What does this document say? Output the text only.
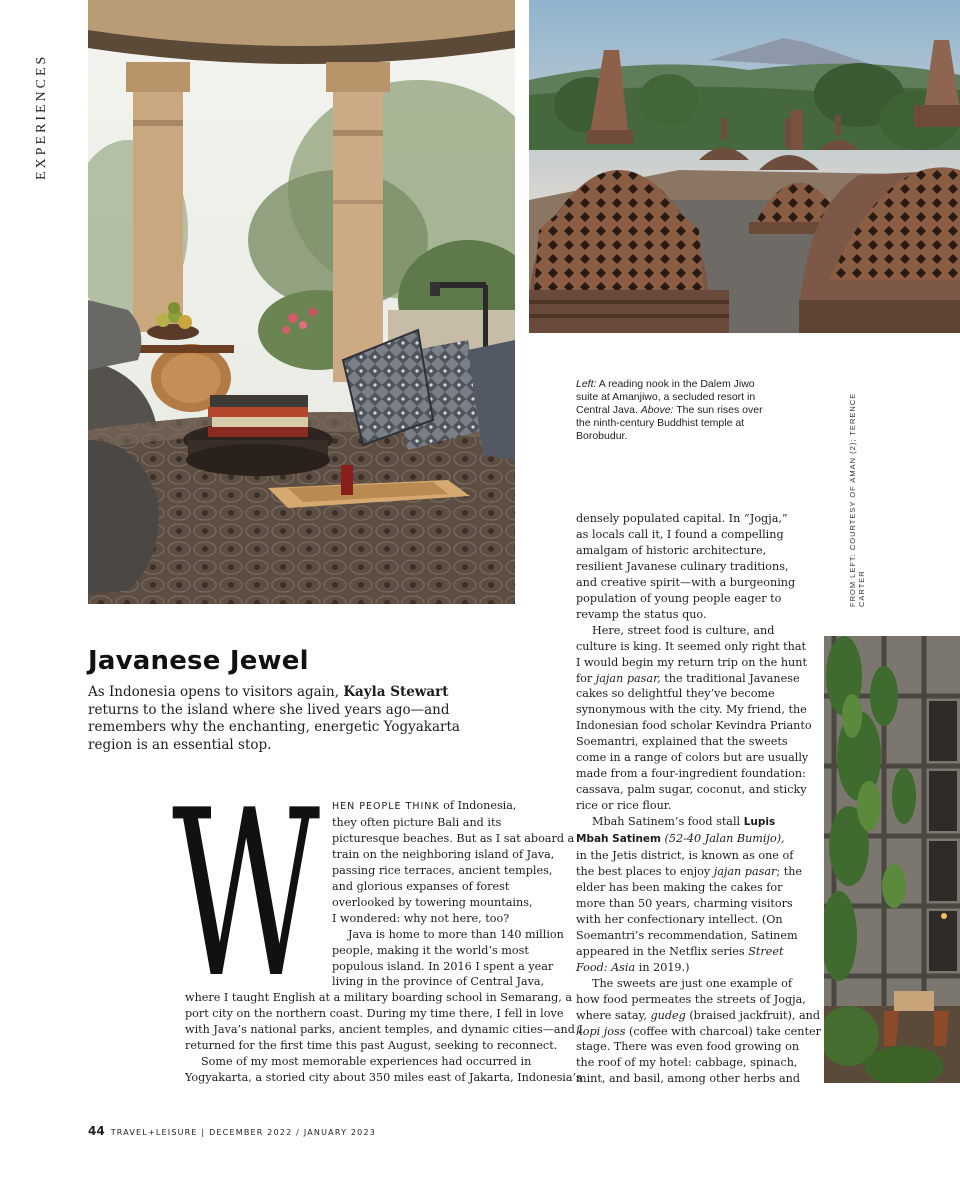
EXPERIENCES
Left: A reading nook in the Dalem Jiwo suite at Amanjiwo, a secluded resort in Central Java. Above: The sun rises over the ninth-century Buddhist temple at Borobudur.	FROM LEFT: COURTESY OF AMAN (2); TERENCE CARTER
Javanese Jewel

As Indonesia opens to visitors again, Kayla Stewart returns to the island where she lived years ago—and remembers why the enchanting, energetic Yogyakarta region is an essential stop.

W HEN PEOPLE THINK of Indonesia,
they often picture Bali and its
picturesque beaches. But as I sat aboard a
train on the neighboring island of Java,
passing rice terraces, ancient temples,
and glorious expanses of forest
overlooked by towering mountains,
I wondered: why not here, too?
Java is home to more than 140 million
people, making it the world’s most
populous island. In 2016 I spent a year
living in the province of Central Java,
where I taught English at a military boarding school in Semarang, a
port city on the northern coast. During my time there, I fell in love
with Java’s national parks, ancient temples, and dynamic cities—and I
returned for the first time this past August, seeking to reconnect.
Some of my most memorable experiences had occurred in
Yogyakarta, a storied city about 350 miles east of Jakarta, Indonesia’s
densely populated capital. In “Jogja,”
as locals call it, I found a compelling
amalgam of historic architecture,
resilient Javanese culinary traditions,
and creative spirit—with a burgeoning
population of young people eager to
revamp the status quo.
Here, street food is culture, and
culture is king. It seemed only right that
I would begin my return trip on the hunt
for jajan pasar, the traditional Javanese
cakes so delightful they’ve become
synonymous with the city. My friend, the
Indonesian food scholar Kevindra Prianto
Soemantri, explained that the sweets
come in a range of colors but are usually
made from a four-ingredient foundation:
cassava, palm sugar, coconut, and sticky
rice or rice flour.
Mbah Satinem’s food stall Lupis
Mbah Satinem (52-40 Jalan Bumijo),
in the Jetis district, is known as one of
the best places to enjoy jajan pasar; the
elder has been making the cakes for
more than 50 years, charming visitors
with her confectionary intellect. (On
Soemantri’s recommendation, Satinem
appeared in the Netflix series Street
Food: Asia in 2019.)
The sweets are just one example of
how food permeates the streets of Jogja,
where satay, gudeg (braised jackfruit), and
kopi joss (coffee with charcoal) take center
stage. There was even food growing on
the roof of my hotel: cabbage, spinach,
mint, and basil, among other herbs and
44 TRAVEL+LEISURE | DECEMBER 2022 / JANUARY 2023
